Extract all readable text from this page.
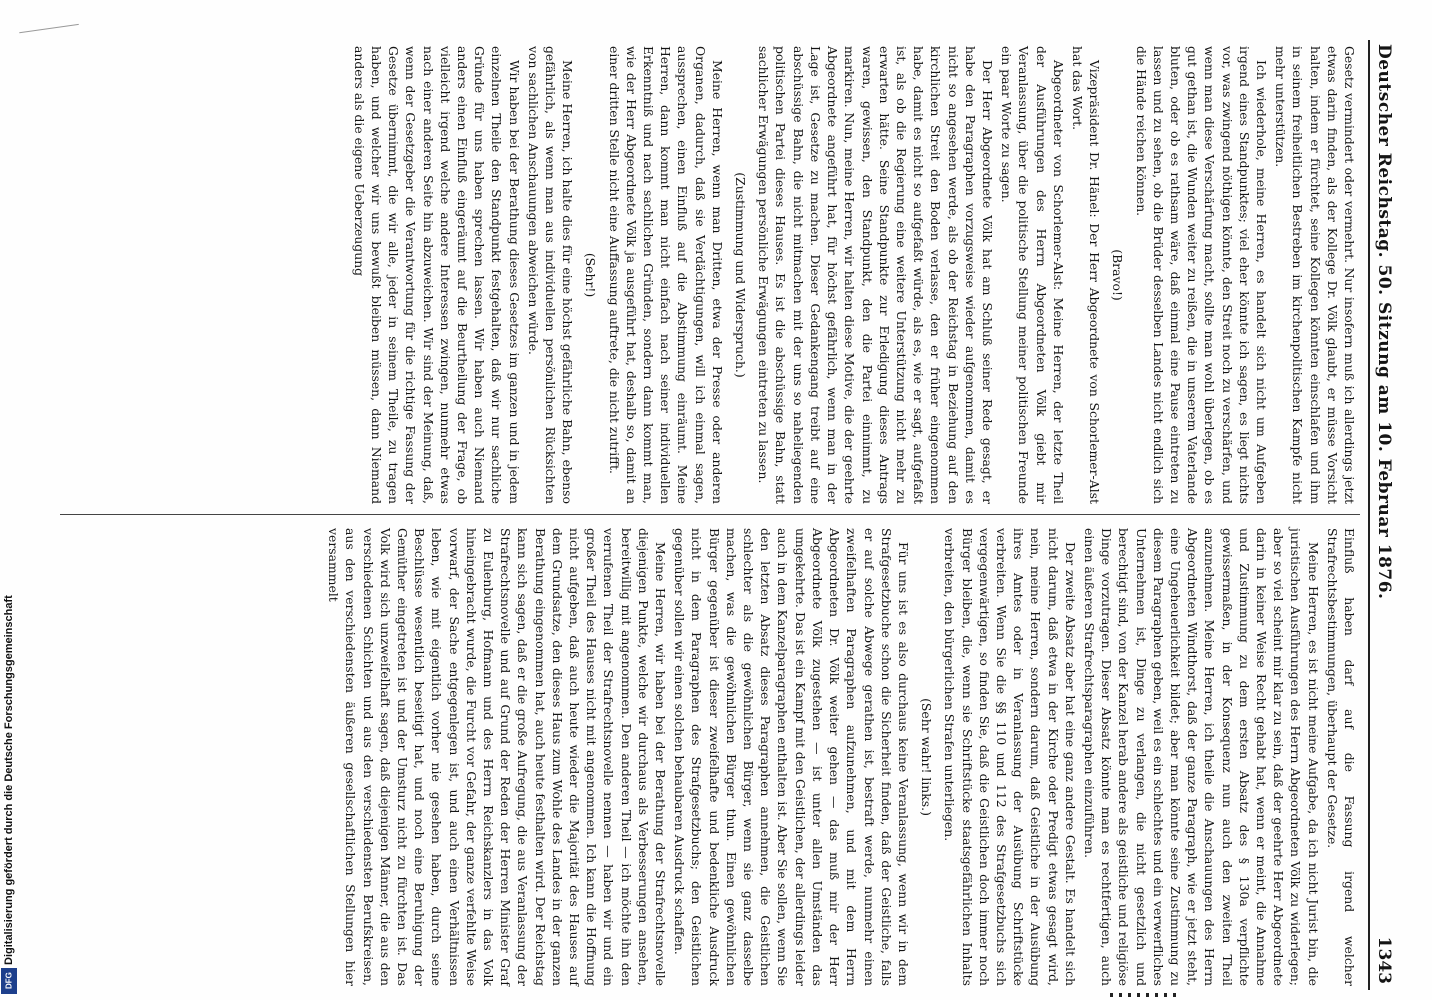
Deutscher Reichstag. 50. Sitzung am 10. Februar 1876.
1343

Gesetz vermindert oder vermehrt. Nur insofern muß ich allerdings jetzt etwas darin finden, als der Kollege Dr. Völk glaubt, er müsse Vorsicht halten, indem er fürchtet, seine Kollegen könnten einschlafen und ihm in seinem freiheitlichen Bestreben im kirchenpolitischen Kampfe nicht mehr unterstützen.

Ich wiederhole, meine Herren, es handelt sich nicht um Aufgeben irgend eines Standpunktes; viel eher könnte ich sagen, es liegt nichts vor, was zwingend nöthigen könnte, den Streit noch zu verschärfen, und wenn man diese Verschärfung macht, sollte man wohl überlegen, ob es gut gethan ist, die Wunden weiter zu reißen, die in unserem Vaterlande bluten, oder ob es rathsam wäre, daß einmal eine Pause eintreten zu lassen und zu sehen, ob die Brüder desselben Landes nicht endlich sich die Hände reichen können.

(Bravo!)

Vizepräsident Dr. Hänel: Der Herr Abgeordnete von Schorlemer-Alst hat das Wort.

Abgeordneter von Schorlemer-Alst: Meine Herren, der letzte Theil der Ausführungen des Herrn Abgeordneten Völk giebt mir Veranlassung, über die politische Stellung meiner politischen Freunde ein paar Worte zu sagen.

Der Herr Abgeordnete Völk hat am Schluß seiner Rede gesagt, er habe den Paragraphen vorzugsweise wieder aufgenommen, damit es nicht so angesehen werde, als ob der Reichstag in Beziehung auf den kirchlichen Streit den Boden verlasse, den er früher eingenommen habe, damit es nicht so aufgefaßt würde, als es, wie er sagt, aufgefaßt ist, als ob die Regierung eine weitere Unterstützung nicht mehr zu erwarten hätte. Seine Standpunkte zur Erledigung dieses Antrags waren, gewissen, den Standpunkt, den die Partei einnimmt, zu markiren. Nun, meine Herren, wir halten diese Motive, die der geehrte Abgeordnete angeführt hat, für höchst gefährlich, wenn man in der Lage ist, Gesetze zu machen. Dieser Gedankengang treibt auf eine abschüssige Bahn, die nicht mitmachen mit der uns so naheliegenden politischen Partei dieses Hauses. Es ist die abschüssige Bahn, statt sachlicher Erwägungen persönliche Erwägungen eintreten zu lassen.

(Zustimmung und Widerspruch.)

Meine Herren, wenn man Dritten, etwa der Presse oder anderen Organen, dadurch, daß sie Verdächtigungen, will ich einmal sagen, aussprechen, einen Einfluß auf die Abstimmung einräumt. Meine Herren, dann kommt man nicht einfach nach seiner individuellen Erkenntniß und nach sachlichen Gründen, sondern dann kommt man, wie der Herr Abgeordnete Völk ja ausgeführt hat, deshalb so, damit an einer dritten Stelle nicht eine Auffassung auftrete, die nicht zutrifft.

(Sehr!)

Meine Herren, ich halte dies für eine höchst gefährliche Bahn, ebenso gefährlich, als wenn man aus individuellen persönlichen Rücksichten von sachlichen Anschauungen abweichen würde.

Wir haben bei der Berathung dieses Gesetzes im ganzen und in jedem einzelnen Theile den Standpunkt festgehalten, daß wir nur sachliche Gründe für uns haben sprechen lassen. Wir haben auch Niemand anders einen Einfluß eingeräumt auf die Beurtheilung der Frage, ob vielleicht irgend welche andere Interessen zwingen, nunmehr etwas nach einer anderen Seite hin abzuweichen. Wir sind der Meinung, daß, wenn der Gesetzgeber die Verantwortung für die richtige Fassung der Gesetze übernimmt, die wir alle, jeder in seinem Theile, zu tragen haben, und welcher wir uns bewußt bleiben müssen, dann Niemand anders als die eigene Ueberzeugung

Einfluß haben darf auf die Fassung irgend welcher Strafrechtsbestimmungen, überhaupt der Gesetze.

Meine Herren, es ist nicht meine Aufgabe, da ich nicht Jurist bin, die juristischen Ausführungen des Herrn Abgeordneten Völk zu widerlegen; aber so viel scheint mir klar zu sein, daß der geehrte Herr Abgeordnete darin in keiner Weise Recht gehabt hat, wenn er meint, die Annahme und Zustimmung zu dem ersten Absatz des § 130a verpflichte gewissermaßen, in der Konsequenz nun auch den zweiten Theil anzunehmen. Meine Herren, ich theile die Anschauungen des Herrn Abgeordneten Windthorst, daß der ganze Paragraph, wie er jetzt steht, eine Ungeheuerlichkeit bildet; aber man könnte seine Zustimmung zu diesem Paragraphen geben, weil es ein schlechtes und ein verwerfliches Unternehmen ist, Dinge zu verlangen, die nicht gesetzlich und berechtigt sind, von der Kanzel herab andere als geistliche und religiöse Dinge vorzutragen. Dieser Absatz könnte man es rechtfertigen, auch einen äußeren Strafrechtsparagraphen einzuführen.

Der zweite Absatz aber hat eine ganz andere Gestalt. Es handelt sich nicht darum, daß etwa in der Kirche oder Predigt etwas gesagt wird, nein, meine Herren, sondern darum, daß Geistliche in der Ausübung ihres Amtes oder in Veranlassung der Ausübung Schriftstücke verbreiten. Wenn Sie die §§ 110 und 112 des Strafgesetzbuchs sich vergegenwärtigen, so finden Sie, daß die Geistlichen doch immer noch Bürger bleiben, die, wenn sie Schriftstücke staatsgefährlichen Inhalts verbreiten, den bürgerlichen Strafen unterliegen.

(Sehr wahr! links.)

Für uns ist es also durchaus keine Veranlassung, wenn wir in dem Strafgesetzbuche schon die Sicherheit finden, daß der Geistliche, falls er auf solche Abwege gerathen ist, bestraft werde, nunmehr einen zweifelhaften Paragraphen aufzunehmen, und mit dem Herrn Abgeordneten Dr. Völk weiter gehen — das muß mir der Herr Abgeordnete Völk zugestehen — ist unter allen Umständen das umgekehrte. Das ist ein Kampf mit den Geistlichen, der allerdings leider auch in dem Kanzelparagraphen enthalten ist. Aber Sie sollen, wenn Sie den letzten Absatz dieses Paragraphen annehmen, die Geistlichen schlechter als die gewöhnlichen Bürger, wenn sie ganz dasselbe machen, was die gewöhnlichen Bürger thun. Einen gewöhnlichen Bürger gegenüber ist dieser zweifelhafte und bedenkliche Ausdruck nicht in dem Paragraphen des Strafgesetzbuchs; den Geistlichen gegenüber sollen wir einen solchen behaubaren Ausdruck schaffen.

Meine Herren, wir haben bei der Berathung der Strafrechtsnovelle diejenigen Punkte, welche wir durchaus als Verbesserungen ansehen, bereitwillig mit angenommen. Den anderen Theil — ich möchte ihn den verrufenen Theil der Strafrechtsnovelle nennen — haben wir und ein großer Theil des Hauses nicht mit angenommen. Ich kann die Hoffnung nicht aufgeben, daß auch heute wieder die Majorität des Hauses auf dem Grundsatze, den dieses Haus zum Wohle des Landes in der ganzen Berathung eingenommen hat, auch heute festhalten wird. Der Reichstag kann sich sagen, daß er die große Aufregung, die aus Veranlassung der Strafrechtsnovelle und auf Grund der Reden der Herren Minister Graf zu Eulenburg, Hofmann und des Herrn Reichskanzlers in das Volk hineingebracht wurde, die Furcht vor Gefahr, der ganze verfehlte Weise vorwarf, der Sache entgegenlegen ist, und auch einen Verhältnissen leben, wie mit eigentlich vorher nie gesehen haben, durch seine Beschlüsse wesentlich beseitigt hat, und noch eine Beruhigung der Gemüther eingetreten ist und der Umsturz nicht zu fürchten ist. Das Volk wird sich unzweifelhaft sagen, daß diejenigen Männer, die aus den verschiedenen Schichten und aus den verschiedensten Berufskreisen, aus den verschiedensten äußeren gesellschaftlichen Stellungen hier versammelt

Digitalisierung gefördert durch die Deutsche Forschungsgemeinschaft
DFG
